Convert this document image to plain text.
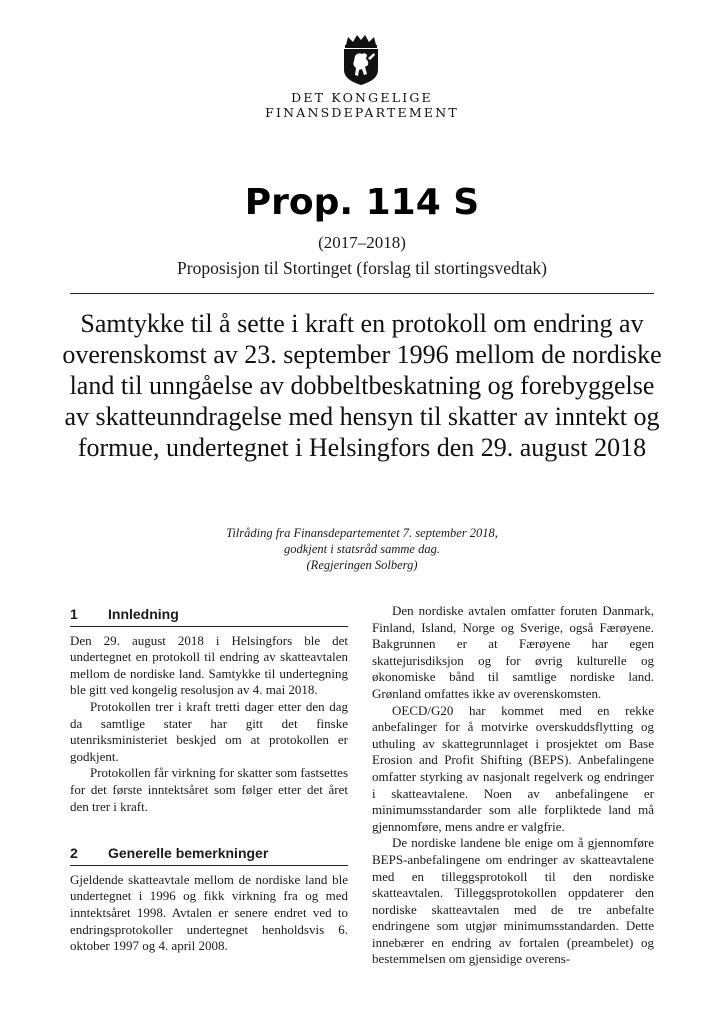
DET KONGELIGE
FINANSDEPARTEMENT
Prop. 114 S
(2017–2018)
Proposisjon til Stortinget (forslag til stortingsvedtak)
Samtykke til å sette i kraft en protokoll om endring av overenskomst av 23. september 1996 mellom de nordiske land til unngåelse av dobbeltbeskatning og forebyggelse av skatteunndragelse med hensyn til skatter av inntekt og formue, undertegnet i Helsingfors den 29. august 2018
Tilråding fra Finansdepartementet 7. september 2018,
godkjent i statsråd samme dag.
(Regjeringen Solberg)
1	Innledning

Den 29. august 2018 i Helsingfors ble det undertegnet en protokoll til endring av skatteavtalen mellom de nordiske land. Samtykke til undertegning ble gitt ved kongelig resolusjon av 4. mai 2018.

Protokollen trer i kraft tretti dager etter den dag da samtlige stater har gitt det finske utenriksministeriet beskjed om at protokollen er godkjent.

Protokollen får virkning for skatter som fastsettes for det første inntektsåret som følger etter det året den trer i kraft.

2	Generelle bemerkninger

Gjeldende skatteavtale mellom de nordiske land ble undertegnet i 1996 og fikk virkning fra og med inntektsåret 1998. Avtalen er senere endret ved to endringsprotokoller undertegnet henholdsvis 6. oktober 1997 og 4. april 2008.

Den nordiske avtalen omfatter foruten Danmark, Finland, Island, Norge og Sverige, også Færøyene. Bakgrunnen er at Færøyene har egen skattejurisdiksjon og for øvrig kulturelle og økonomiske bånd til samtlige nordiske land. Grønland omfattes ikke av overenskomsten.

OECD/G20 har kommet med en rekke anbefalinger for å motvirke overskuddsflytting og uthuling av skattegrunnlaget i prosjektet om Base Erosion and Profit Shifting (BEPS). Anbefalingene omfatter styrking av nasjonalt regelverk og endringer i skatteavtalene. Noen av anbefalingene er minimumsstandarder som alle forpliktede land må gjennomføre, mens andre er valgfrie.

De nordiske landene ble enige om å gjennomføre BEPS-anbefalingene om endringer av skatteavtalene med en tilleggsprotokoll til den nordiske skatteavtalen. Tilleggsprotokollen oppdaterer den nordiske skatteavtalen med de tre anbefalte endringene som utgjør minimumsstandarden. Dette innebærer en endring av fortalen (preambelet) og bestemmelsen om gjensidige overens-
